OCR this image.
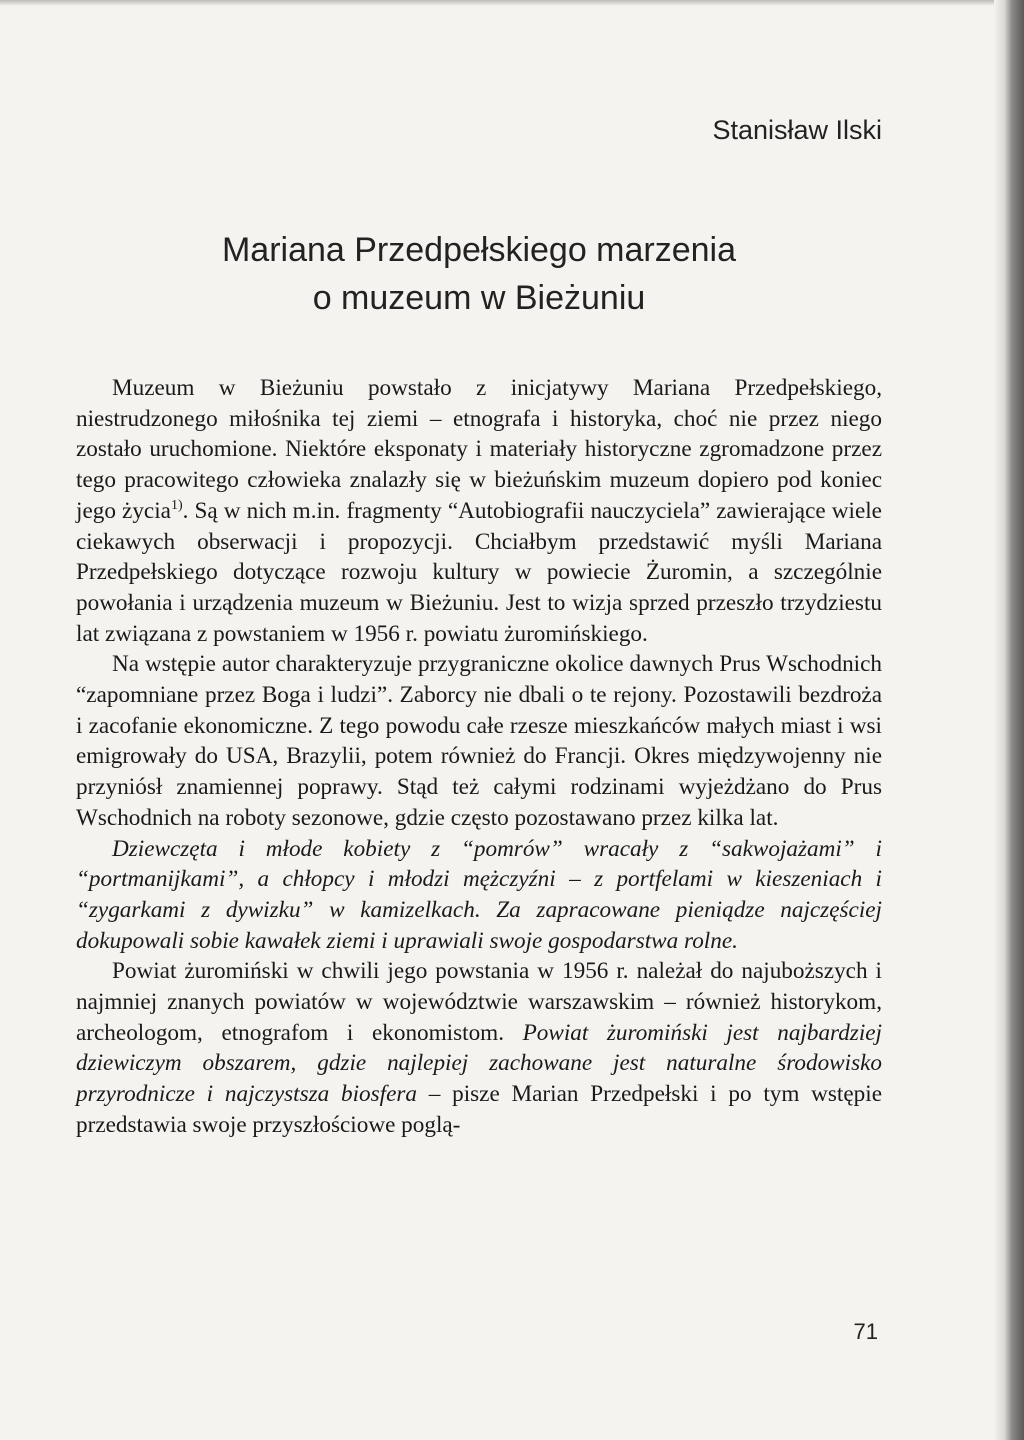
Stanisław Ilski
Mariana Przedpełskiego marzenia
o muzeum w Bieżuniu

Muzeum w Bieżuniu powstało z inicjatywy Mariana Przedpełskiego, niestrudzonego miłośnika tej ziemi – etnografa i historyka, choć nie przez niego zostało uruchomione. Niektóre eksponaty i materiały historyczne zgromadzone przez tego pracowitego człowieka znalazły się w bieżuńskim muzeum dopiero pod koniec jego życia$^{1)}$. Są w nich m.in. fragmenty “Autobiografii nauczyciela” zawierające wiele ciekawych obserwacji i propozycji. Chciałbym przedstawić myśli Mariana Przedpełskiego dotyczące rozwoju kultury w powiecie Żuromin, a szczególnie powołania i urządzenia muzeum w Bieżuniu. Jest to wizja sprzed przeszło trzydziestu lat związana z powstaniem w 1956 r. powiatu żuromińskiego.

Na wstępie autor charakteryzuje przygraniczne okolice dawnych Prus Wschodnich “zapomniane przez Boga i ludzi”. Zaborcy nie dbali o te rejony. Pozostawili bezdroża i zacofanie ekonomiczne. Z tego powodu całe rzesze mieszkańców małych miast i wsi emigrowały do USA, Brazylii, potem również do Francji. Okres międzywojenny nie przyniósł znamiennej poprawy. Stąd też całymi rodzinami wyjeżdżano do Prus Wschodnich na roboty sezonowe, gdzie często pozostawano przez kilka lat.

Dziewczęta i młode kobiety z “pomrów” wracały z “sakwojażami” i “portmanijkami”, a chłopcy i młodzi mężczyźni – z portfelami w kieszeniach i “zygarkami z dywizku” w kamizelkach. Za zapracowane pieniądze najczęściej dokupowali sobie kawałek ziemi i uprawiali swoje gospodarstwa rolne.

Powiat żuromiński w chwili jego powstania w 1956 r. należał do najuboższych i najmniej znanych powiatów w województwie warszawskim – również historykom, archeologom, etnografom i ekonomistom. Powiat żuromiński jest najbardziej dziewiczym obszarem, gdzie najlepiej zachowane jest naturalne środowisko przyrodnicze i najczystsza biosfera – pisze Marian Przedpełski i po tym wstępie przedstawia swoje przyszłościowe poglą-

71
